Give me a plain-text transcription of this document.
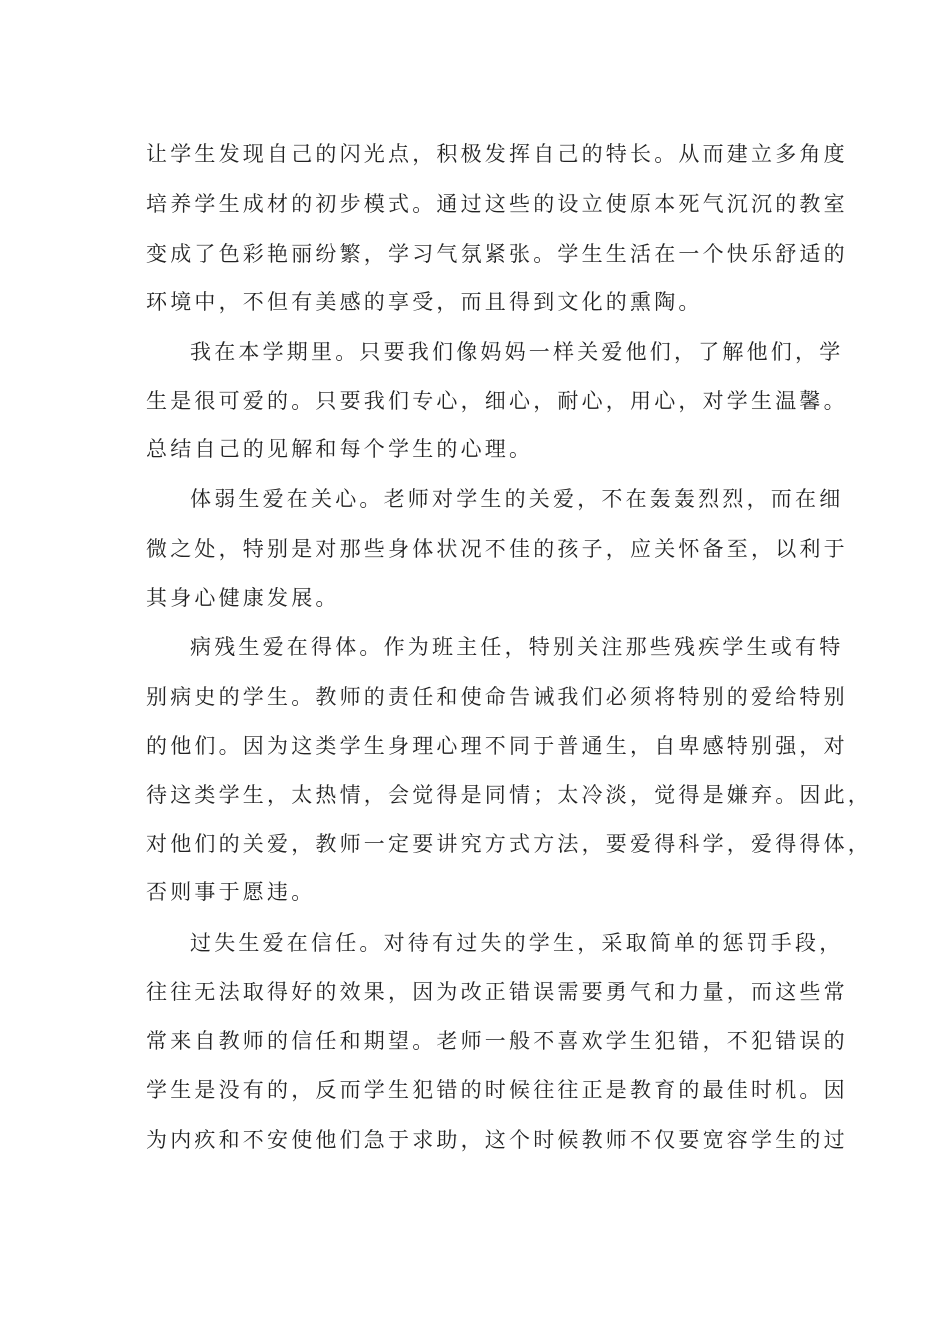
让学生发现自己的闪光点，积极发挥自己的特长。从而建立多角度

培养学生成材的初步模式。通过这些的设立使原本死气沉沉的教室

变成了色彩艳丽纷繁，学习气氛紧张。学生生活在一个快乐舒适的

环境中，不但有美感的享受，而且得到文化的熏陶。

我在本学期里。只要我们像妈妈一样关爱他们，了解他们，学

生是很可爱的。只要我们专心，细心，耐心，用心，对学生温馨。

总结自己的见解和每个学生的心理。

体弱生爱在关心。老师对学生的关爱，不在轰轰烈烈，而在细

微之处，特别是对那些身体状况不佳的孩子，应关怀备至，以利于

其身心健康发展。

病残生爱在得体。作为班主任，特别关注那些残疾学生或有特

别病史的学生。教师的责任和使命告诫我们必须将特别的爱给特别

的他们。因为这类学生身理心理不同于普通生，自卑感特别强，对

待这类学生，太热情，会觉得是同情；太冷淡，觉得是嫌弃。因此，

对他们的关爱，教师一定要讲究方式方法，要爱得科学，爱得得体，

否则事于愿违。

过失生爱在信任。对待有过失的学生，采取简单的惩罚手段，

往往无法取得好的效果，因为改正错误需要勇气和力量，而这些常

常来自教师的信任和期望。老师一般不喜欢学生犯错，不犯错误的

学生是没有的，反而学生犯错的时候往往正是教育的最佳时机。因

为内疚和不安使他们急于求助，这个时候教师不仅要宽容学生的过
